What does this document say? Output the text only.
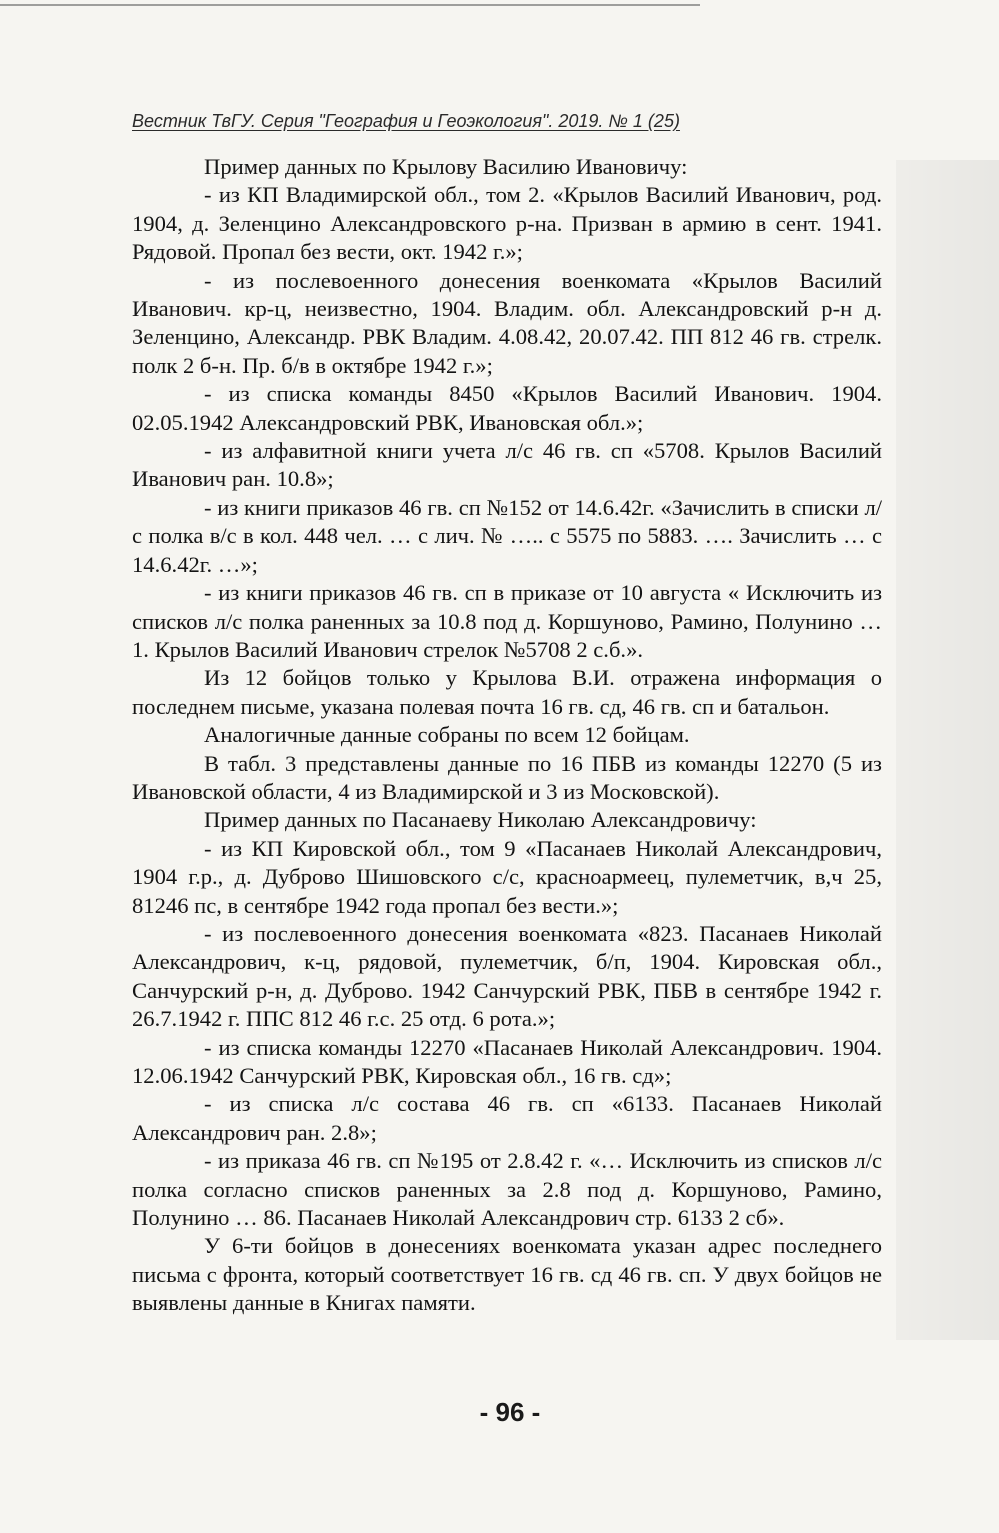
Вестник ТвГУ. Серия "География и Геоэкология". 2019. № 1 (25)

Пример данных по Крылову Василию Ивановичу:

- из КП Владимирской обл., том 2. «Крылов Василий Иванович, род. 1904, д. Зеленцино Александровского р-на. Призван в армию в сент. 1941. Рядовой. Пропал без вести, окт. 1942 г.»;

- из послевоенного донесения военкомата «Крылов Василий Иванович. кр-ц, неизвестно, 1904. Владим. обл. Александровский р-н д. Зеленцино, Александр. РВК Владим. 4.08.42, 20.07.42. ПП 812 46 гв. стрелк. полк 2 б-н. Пр. б/в в октябре 1942 г.»;

- из списка команды 8450 «Крылов Василий Иванович. 1904. 02.05.1942 Александровский РВК, Ивановская обл.»;

- из алфавитной книги учета л/с 46 гв. сп «5708. Крылов Василий Иванович ран. 10.8»;

- из книги приказов 46 гв. сп №152 от 14.6.42г. «Зачислить в списки л/с полка в/с в кол. 448 чел. … с лич. № ….. с 5575 по 5883. …. Зачислить … с 14.6.42г. …»;

- из книги приказов 46 гв. сп в приказе от 10 августа « Исключить из списков л/с полка раненных за 10.8 под д. Коршуново, Рамино, Полунино …1. Крылов Василий Иванович стрелок №5708 2 с.б.».

Из 12 бойцов только у Крылова В.И. отражена информация о последнем письме, указана полевая почта 16 гв. сд, 46 гв. сп и батальон.

Аналогичные данные собраны по всем 12 бойцам.

В табл. 3 представлены данные по 16 ПБВ из команды 12270 (5 из Ивановской области, 4 из Владимирской и 3 из Московской).

Пример данных по Пасанаеву Николаю Александровичу:

- из КП Кировской обл., том 9 «Пасанаев Николай Александрович, 1904 г.р., д. Дуброво Шишовского с/с, красноармеец, пулеметчик, в,ч 25, 81246 пс, в сентябре 1942 года пропал без вести.»;

- из послевоенного донесения военкомата «823. Пасанаев Николай Александрович, к-ц, рядовой, пулеметчик, б/п, 1904. Кировская обл., Санчурский р-н, д. Дуброво. 1942 Санчурский РВК, ПБВ в сентябре 1942 г. 26.7.1942 г. ППС 812 46 г.с. 25 отд. 6 рота.»;

- из списка команды 12270 «Пасанаев Николай Александрович. 1904. 12.06.1942 Санчурский РВК, Кировская обл., 16 гв. сд»;

- из списка л/с состава 46 гв. сп «6133. Пасанаев Николай Александрович ран. 2.8»;

- из приказа 46 гв. сп №195 от 2.8.42 г. «… Исключить из списков л/с полка согласно списков раненных за 2.8 под д. Коршуново, Рамино, Полунино … 86. Пасанаев Николай Александрович стр. 6133 2 сб».

У 6-ти бойцов в донесениях военкомата указан адрес последнего письма с фронта, который соответствует 16 гв. сд 46 гв. сп. У двух бойцов не выявлены данные в Книгах памяти.

- 96 -
